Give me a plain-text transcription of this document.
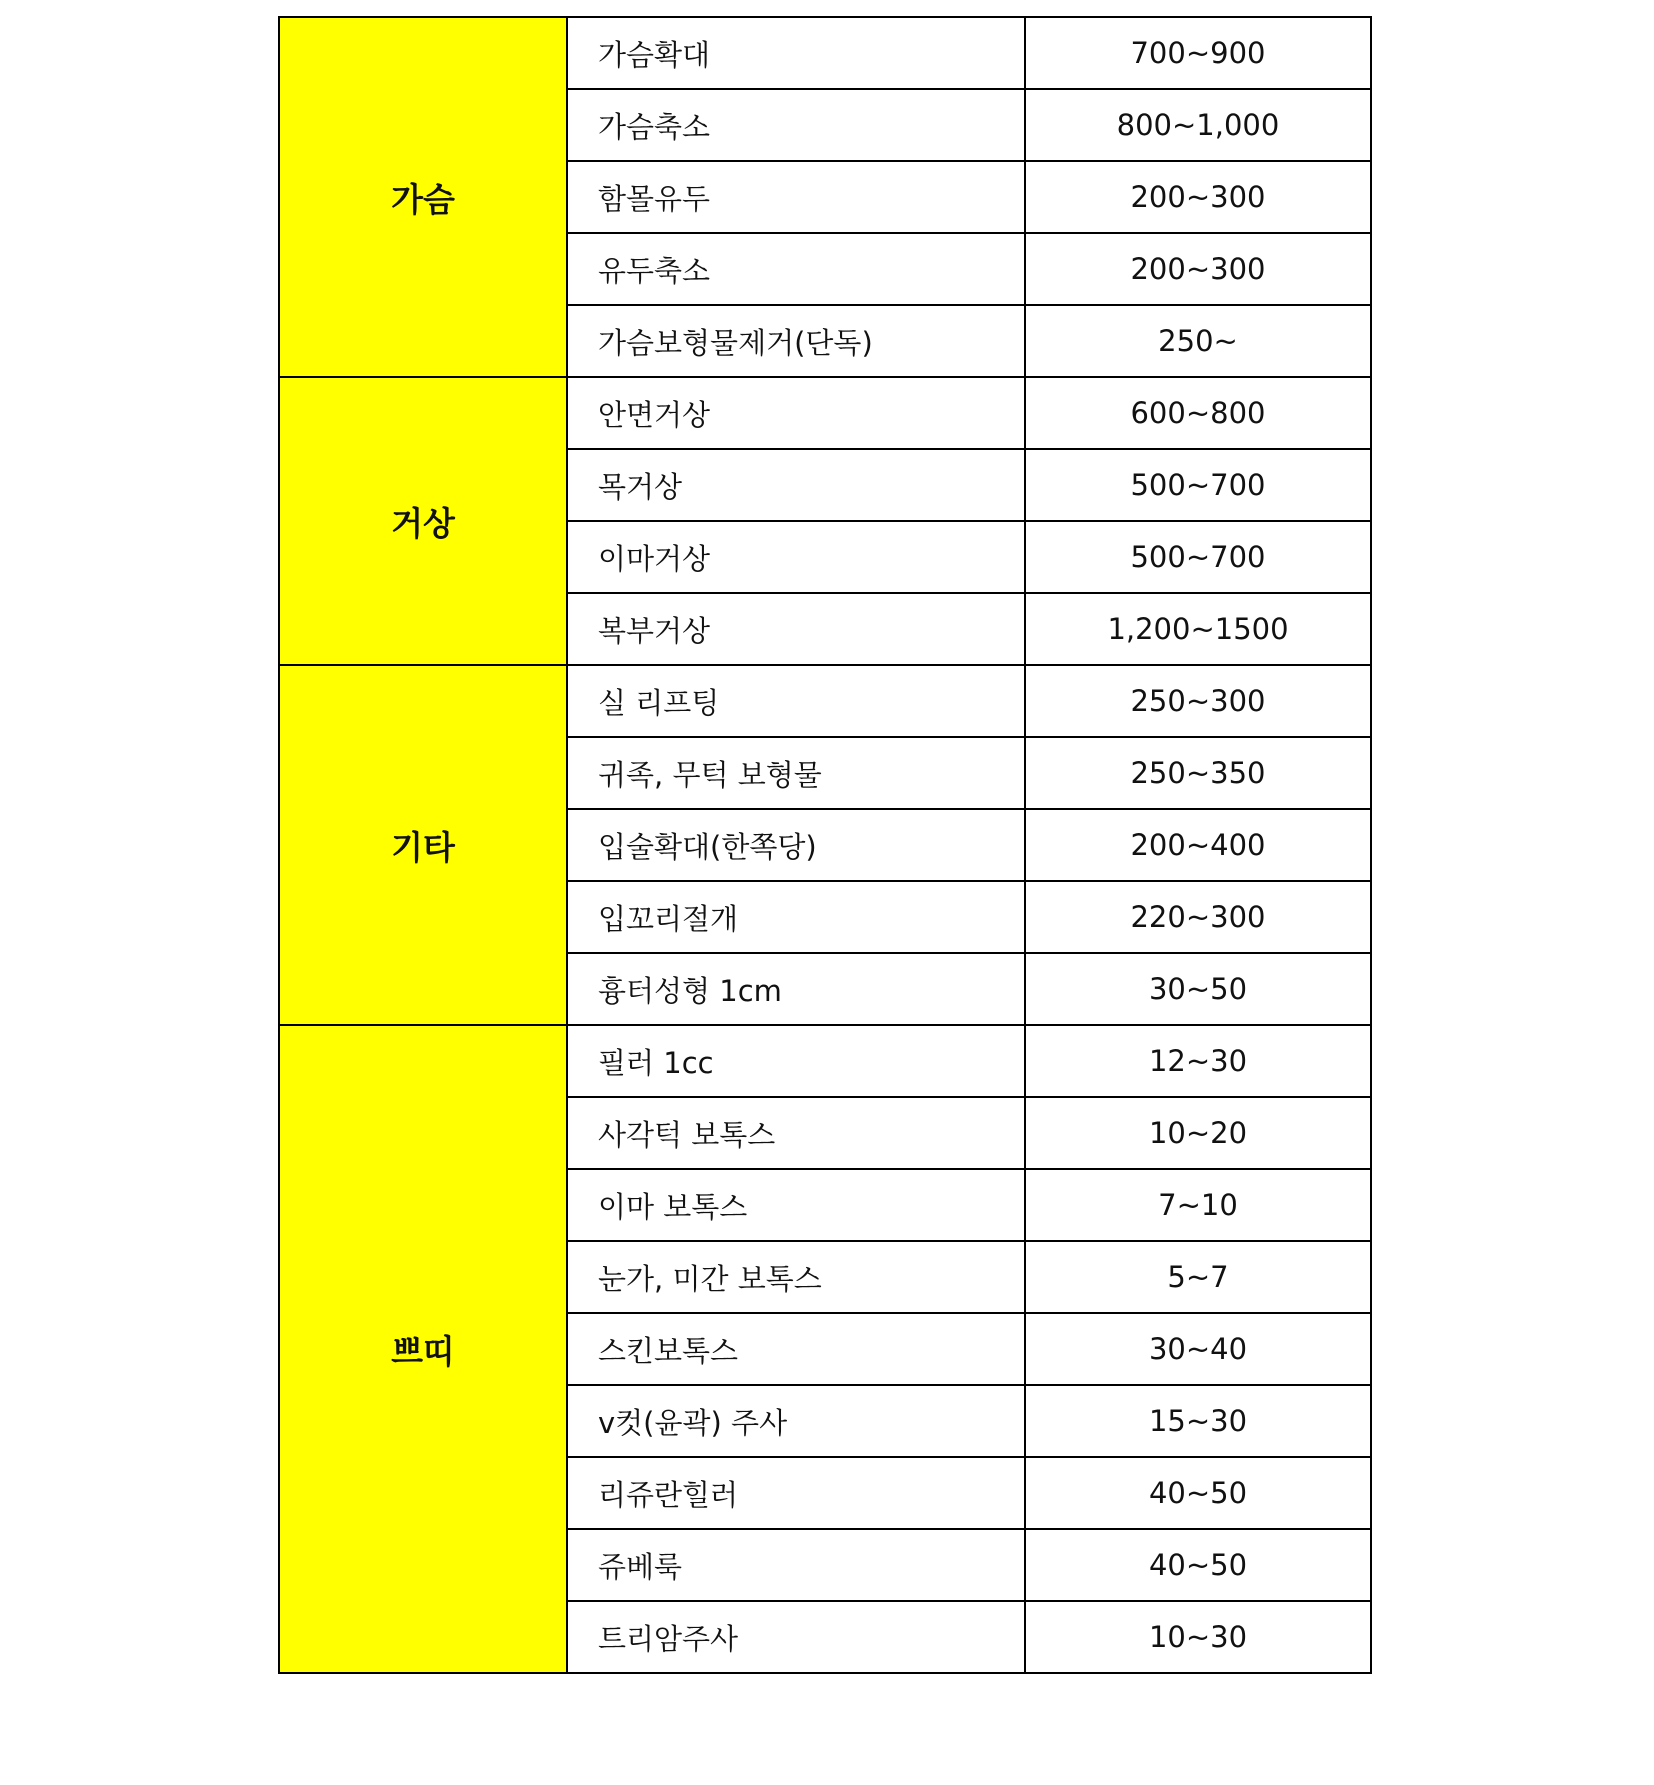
가슴	가슴확대	700~900
	가슴축소	800~1,000
	함몰유두	200~300
	유두축소	200~300
	가슴보형물제거(단독)	250~
거상	안면거상	600~800
	목거상	500~700
	이마거상	500~700
	복부거상	1,200~1500
기타	실 리프팅	250~300
	귀족, 무턱 보형물	250~350
	입술확대(한쪽당)	200~400
	입꼬리절개	220~300
	흉터성형 1cm	30~50
쁘띠	필러 1cc	12~30
	사각턱 보톡스	10~20
	이마 보톡스	7~10
	눈가, 미간 보톡스	5~7
	스킨보톡스	30~40
	v컷(윤곽) 주사	15~30
	리쥬란힐러	40~50
	쥬베룩	40~50
	트리암주사	10~30
